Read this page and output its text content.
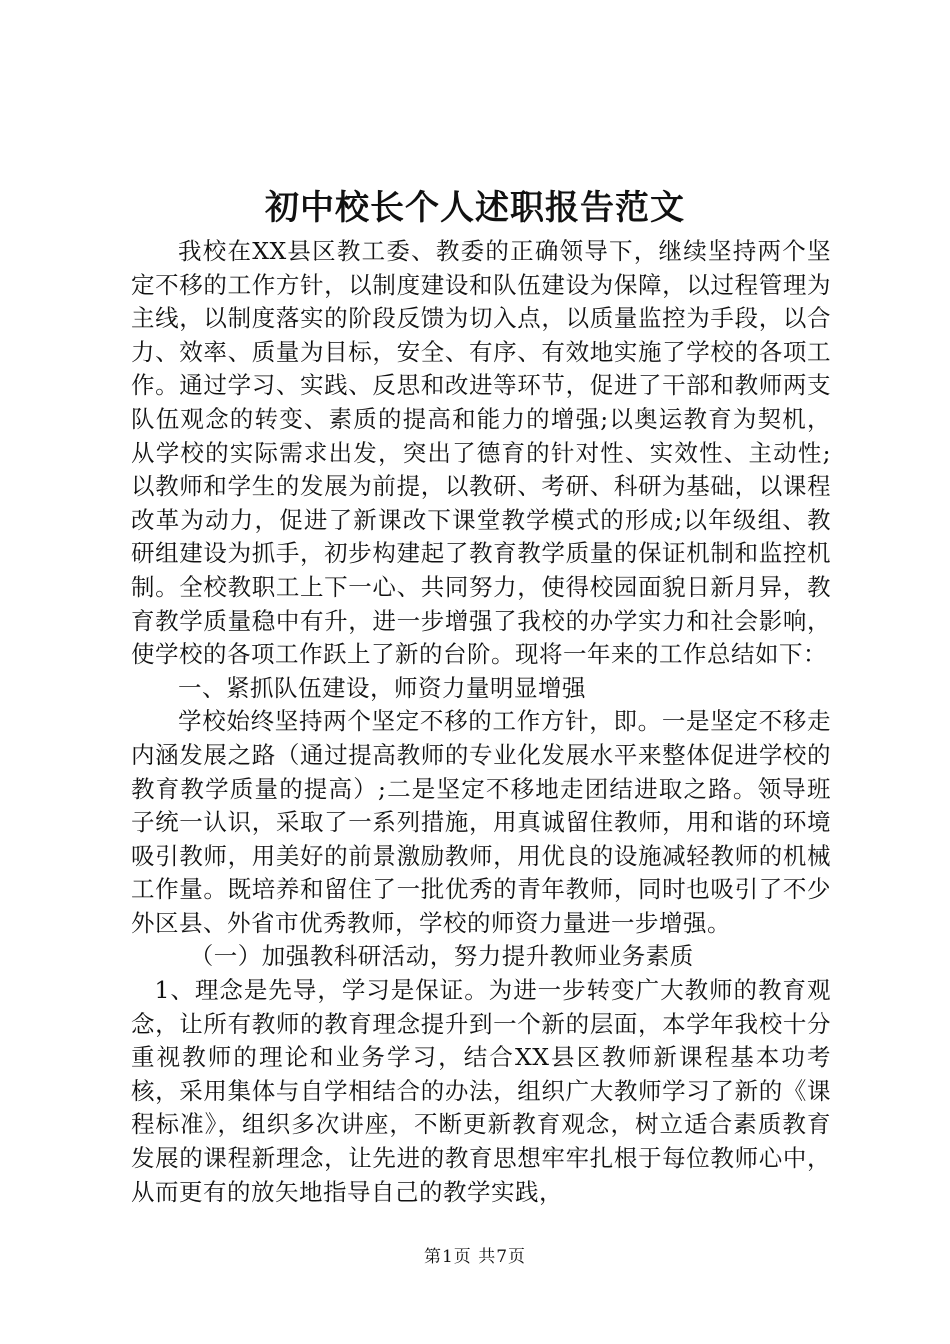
初中校长个人述职报告范文

我校在XX县区教工委、教委的正确领导下，继续坚持两个坚定不移的工作方针，以制度建设和队伍建设为保障，以过程管理为主线，以制度落实的阶段反馈为切入点，以质量监控为手段，以合力、效率、质量为目标，安全、有序、有效地实施了学校的各项工作。通过学习、实践、反思和改进等环节，促进了干部和教师两支队伍观念的转变、素质的提高和能力的增强;以奥运教育为契机，从学校的实际需求出发，突出了德育的针对性、实效性、主动性;以教师和学生的发展为前提，以教研、考研、科研为基础，以课程改革为动力，促进了新课改下课堂教学模式的形成;以年级组、教研组建设为抓手，初步构建起了教育教学质量的保证机制和监控机制。全校教职工上下一心、共同努力，使得校园面貌日新月异，教育教学质量稳中有升，进一步增强了我校的办学实力和社会影响，使学校的各项工作跃上了新的台阶。现将一年来的工作总结如下：

一、紧抓队伍建设，师资力量明显增强

学校始终坚持两个坚定不移的工作方针，即。一是坚定不移走内涵发展之路（通过提高教师的专业化发展水平来整体促进学校的教育教学质量的提高）;二是坚定不移地走团结进取之路。领导班子统一认识，采取了一系列措施，用真诚留住教师，用和谐的环境吸引教师，用美好的前景激励教师，用优良的设施减轻教师的机械工作量。既培养和留住了一批优秀的青年教师，同时也吸引了不少外区县、外省市优秀教师，学校的师资力量进一步增强。

（一）加强教科研活动，努力提升教师业务素质

1、理念是先导，学习是保证。为进一步转变广大教师的教育观念，让所有教师的教育理念提升到一个新的层面，本学年我校十分重视教师的理论和业务学习，结合XX县区教师新课程基本功考核，采用集体与自学相结合的办法，组织广大教师学习了新的《课程标准》，组织多次讲座，不断更新教育观念，树立适合素质教育发展的课程新理念，让先进的教育思想牢牢扎根于每位教师心中，从而更有的放矢地指导自己的教学实践，

第1页 共7页
